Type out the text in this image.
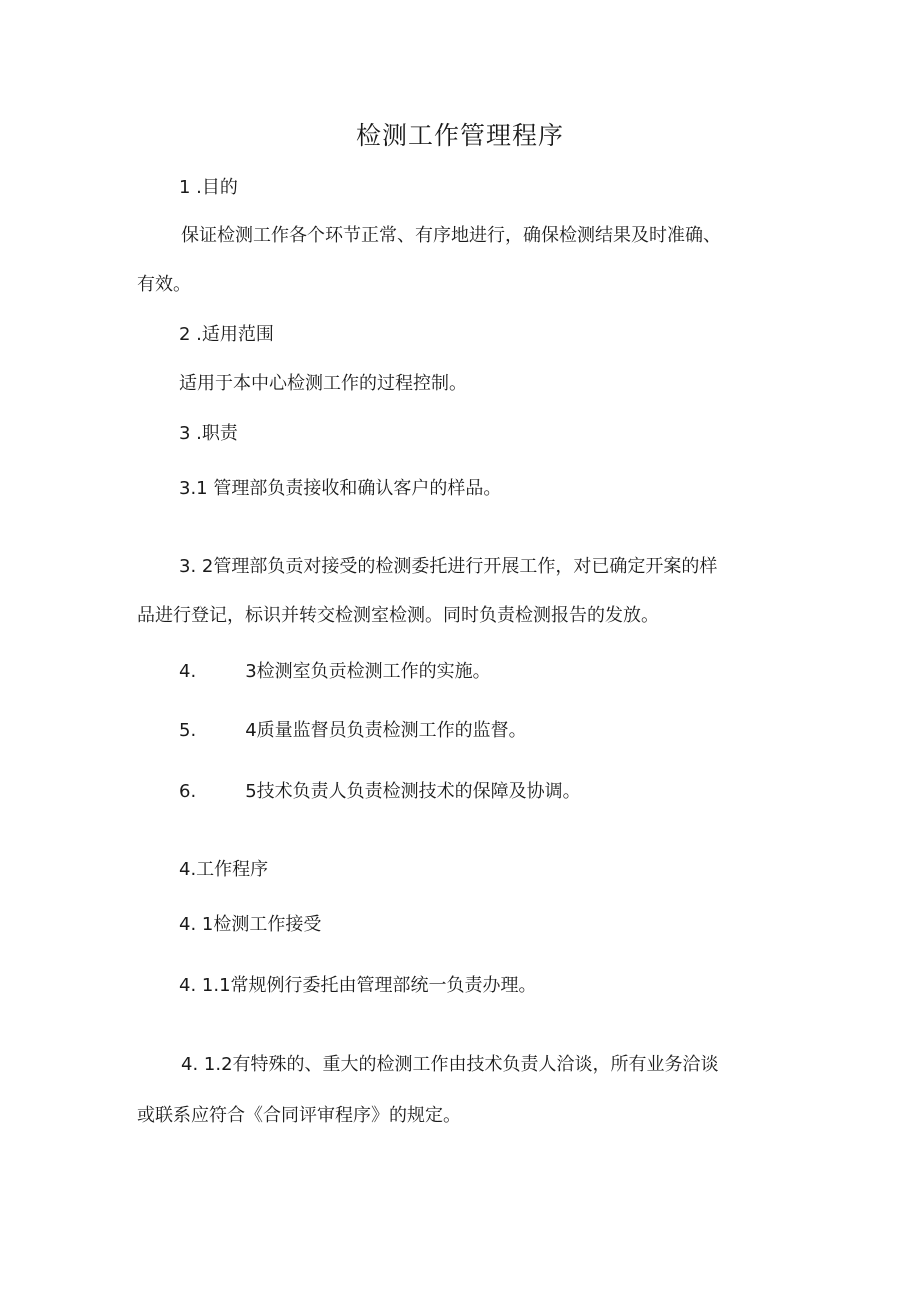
检测工作管理程序
1 .目的
保证检测工作各个环节正常、有序地进行，确保检测结果及时准确、
有效。
2 .适用范围
适用于本中心检测工作的过程控制。
3 .职责
3.1 管理部负责接收和确认客户的样品。
3. 2管理部负贡对接受的检测委托进行开展工作，对已确定开案的样
品进行登记，标识并转交检测室检测。同时负责检测报告的发放。
4.	3检测室负贡检测工作的实施。
5.	4质量监督员负责检测工作的监督。
6.	5技术负责人负责检测技术的保障及协调。
4.工作程序
4. 1检测工作接受
4. 1.1常规例行委托由管理部统一负责办理。
4. 1.2有特殊的、重大的检测工作由技术负责人洽谈，所有业务洽谈
或联系应符合《合同评审程序》的规定。
